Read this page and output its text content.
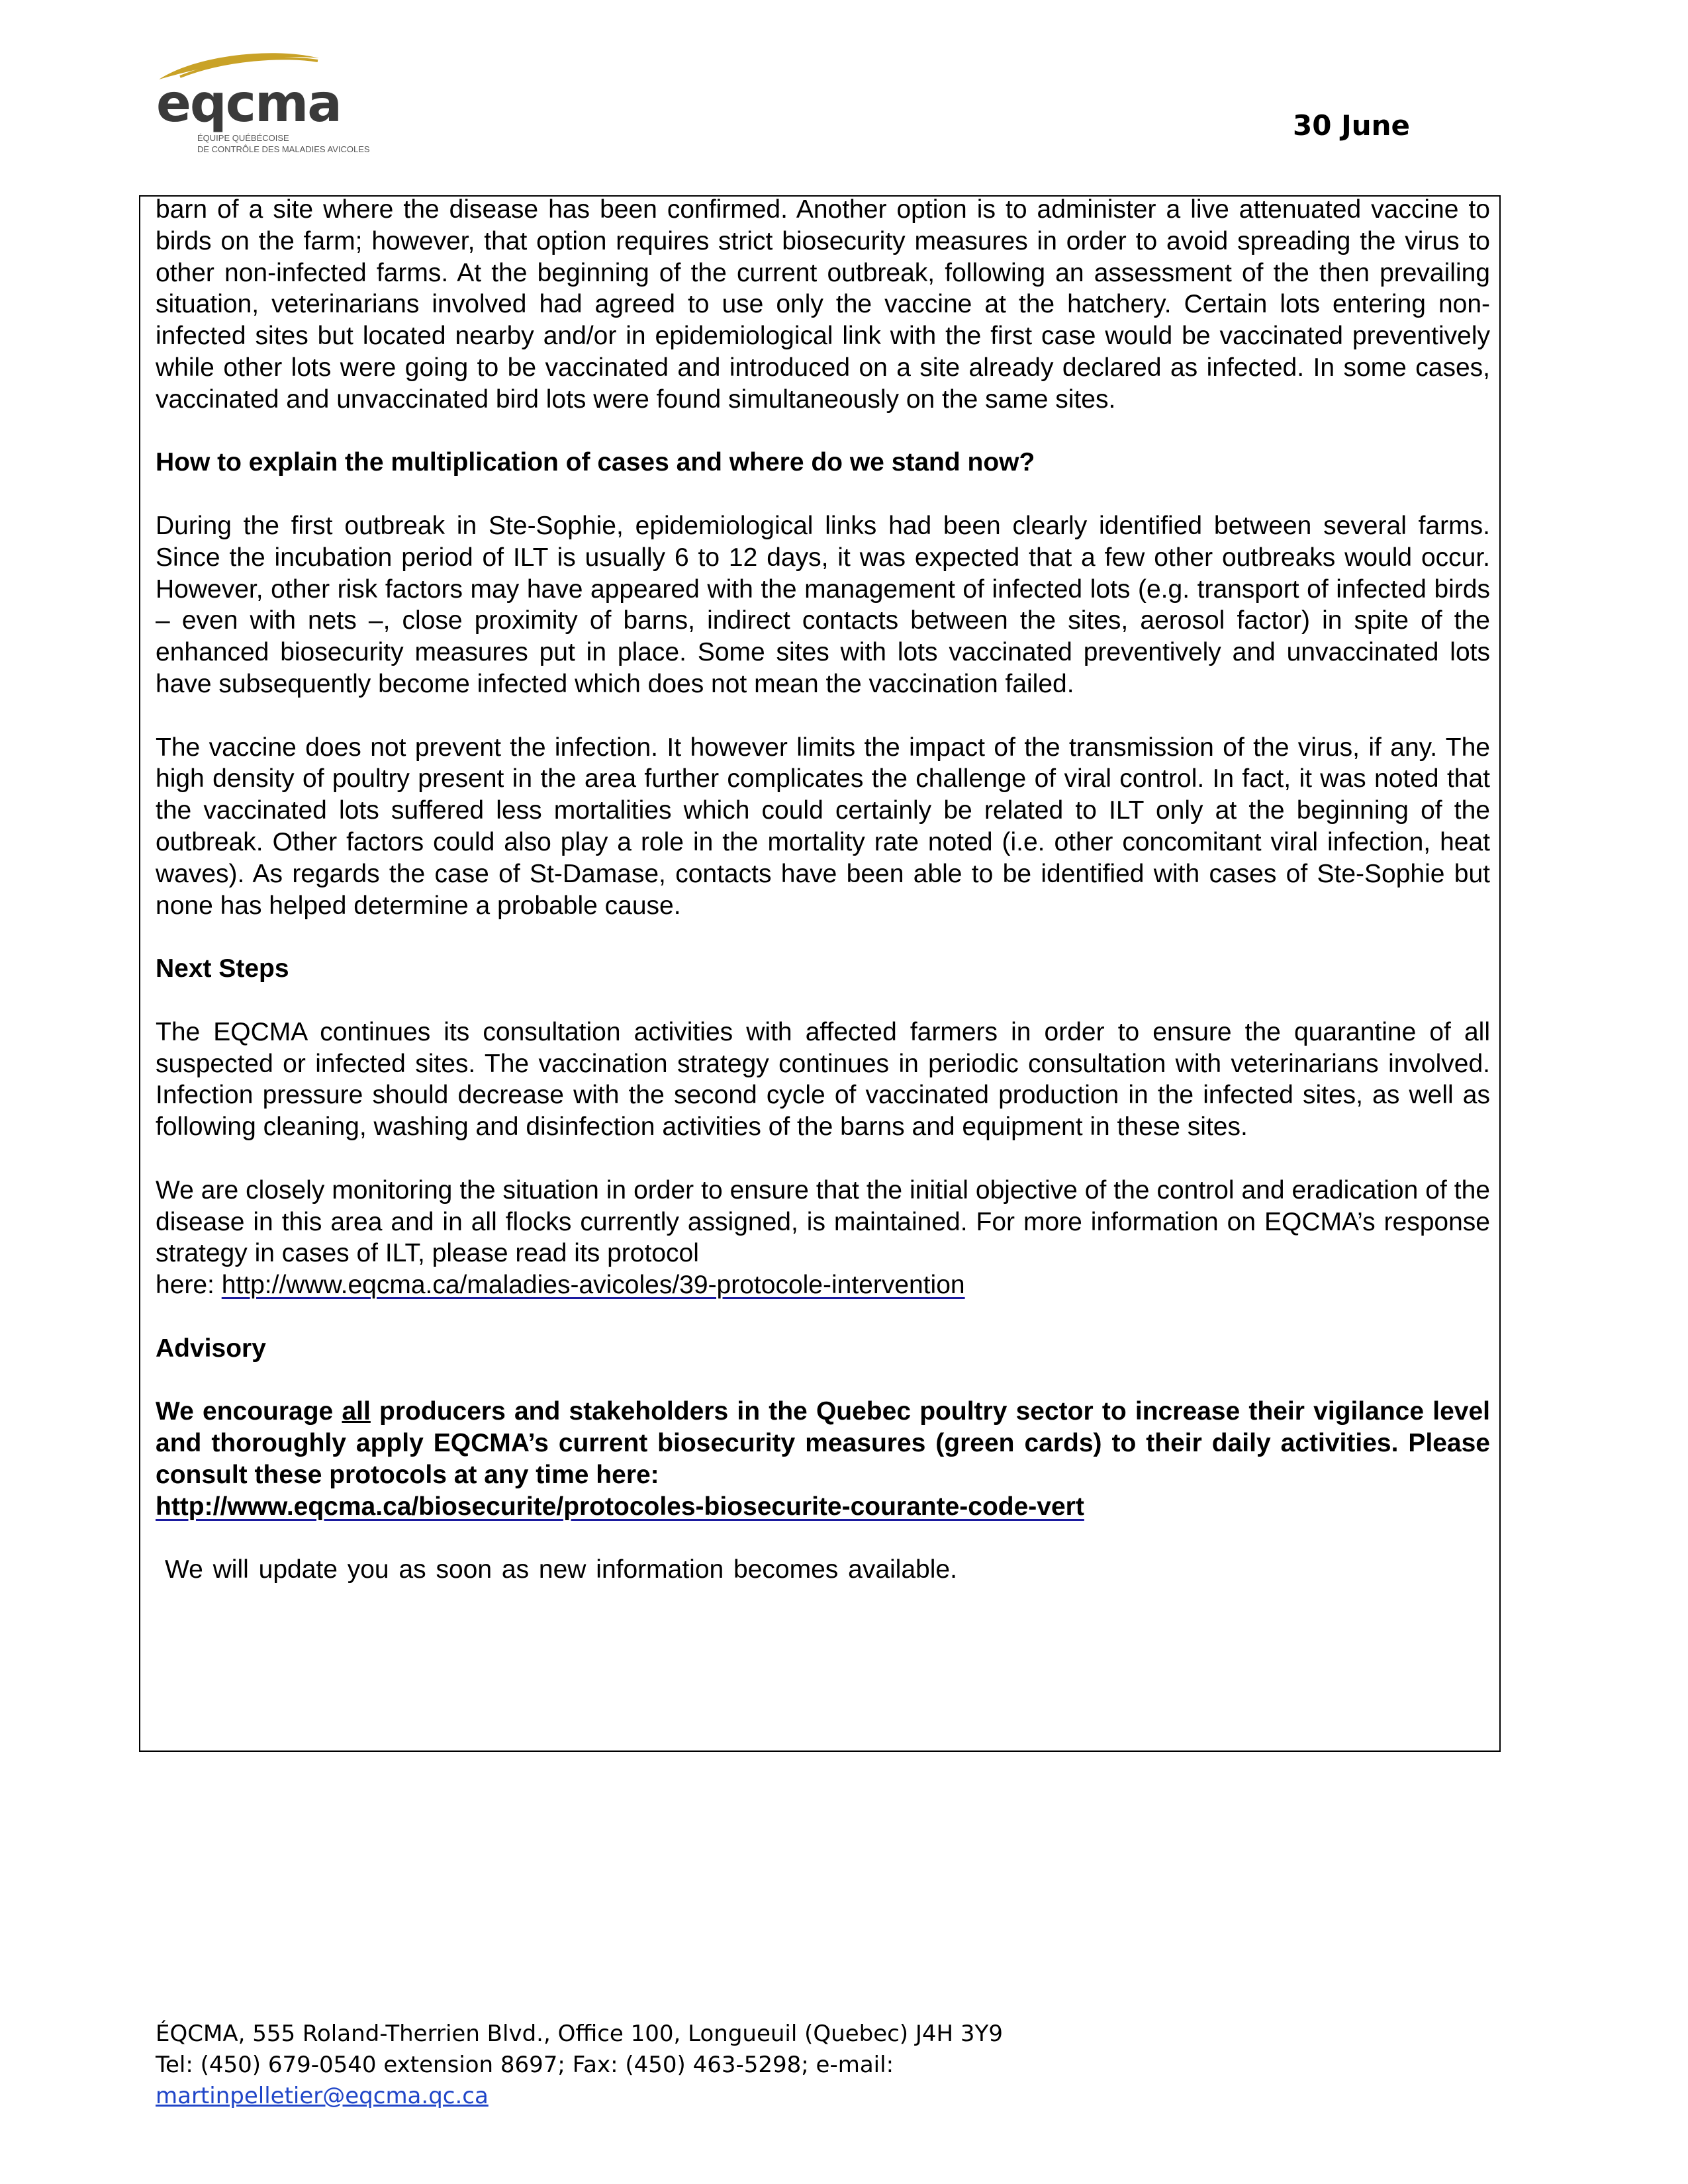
eqcma
ÉQUIPE QUÉBÉCOISE
DE CONTRÔLE DES MALADIES AVICOLES
30 June

barn of a site where the disease has been confirmed. Another option is to administer a live attenuated vaccine to birds on the farm; however, that option requires strict biosecurity measures in order to avoid spreading the virus to other non-infected farms. At the beginning of the current outbreak, following an assessment of the then prevailing situation, veterinarians involved had agreed to use only the vaccine at the hatchery. Certain lots entering non-infected sites but located nearby and/or in epidemiological link with the first case would be vaccinated preventively while other lots were going to be vaccinated and introduced on a site already declared as infected. In some cases, vaccinated and unvaccinated bird lots were found simultaneously on the same sites.

How to explain the multiplication of cases and where do we stand now?

During the first outbreak in Ste-Sophie, epidemiological links had been clearly identified between several farms. Since the incubation period of ILT is usually 6 to 12 days, it was expected that a few other outbreaks would occur. However, other risk factors may have appeared with the management of infected lots (e.g. transport of infected birds – even with nets –, close proximity of barns, indirect contacts between the sites, aerosol factor) in spite of the enhanced biosecurity measures put in place. Some sites with lots vaccinated preventively and unvaccinated lots have subsequently become infected which does not mean the vaccination failed.

The vaccine does not prevent the infection. It however limits the impact of the transmission of the virus, if any. The high density of poultry present in the area further complicates the challenge of viral control. In fact, it was noted that the vaccinated lots suffered less mortalities which could certainly be related to ILT only at the beginning of the outbreak. Other factors could also play a role in the mortality rate noted (i.e. other concomitant viral infection, heat waves). As regards the case of St-Damase, contacts have been able to be identified with cases of Ste-Sophie but none has helped determine a probable cause.

Next Steps

The EQCMA continues its consultation activities with affected farmers in order to ensure the quarantine of all suspected or infected sites. The vaccination strategy continues in periodic consultation with veterinarians involved. Infection pressure should decrease with the second cycle of vaccinated production in the infected sites, as well as following cleaning, washing and disinfection activities of the barns and equipment in these sites.

We are closely monitoring the situation in order to ensure that the initial objective of the control and eradication of the disease in this area and in all flocks currently assigned, is maintained. For more information on EQCMA’s response strategy in cases of ILT, please read its protocol
here: http://www.eqcma.ca/maladies-avicoles/39-protocole-intervention

Advisory

We encourage all producers and stakeholders in the Quebec poultry sector to increase their vigilance level and thoroughly apply EQCMA’s current biosecurity measures (green cards) to their daily activities. Please consult these protocols at any time here:
http://www.eqcma.ca/biosecurite/protocoles-biosecurite-courante-code-vert

We will update you as soon as new information becomes available.

ÉQCMA, 555 Roland-Therrien Blvd., Office 100, Longueuil (Quebec) J4H 3Y9
Tel: (450) 679-0540 extension 8697; Fax: (450) 463-5298; e-mail:
martinpelletier@eqcma.qc.ca
